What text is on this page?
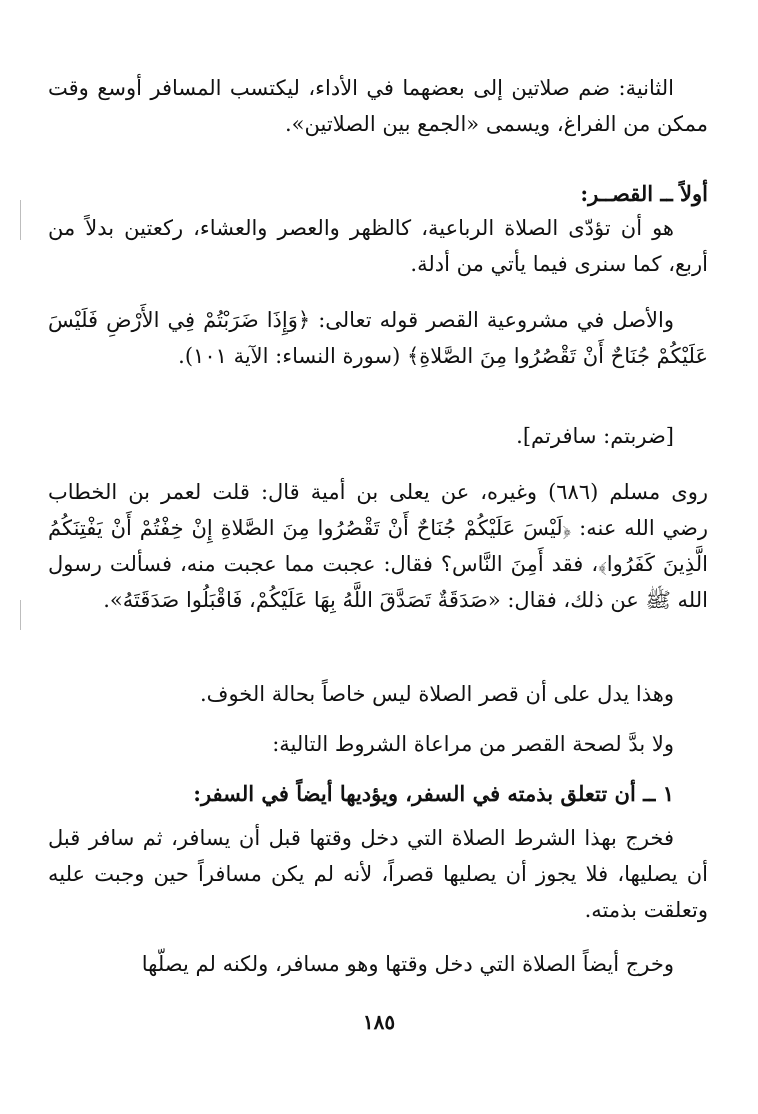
الثانية: ضم صلاتين إلى بعضهما في الأداء، ليكتسب المسافر أوسع وقت ممكن من الفراغ، ويسمى «الجمع بين الصلاتين».

أولاً ــ القصــر:

هو أن تؤدّى الصلاة الرباعية، كالظهر والعصر والعشاء، ركعتين بدلاً من أربع، كما سنرى فيما يأتي من أدلة.

والأصل في مشروعية القصر قوله تعالى: ﴿وَإِذَا ضَرَبْتُمْ فِي الأَرْضِ فَلَيْسَ عَلَيْكُمْ جُنَاحٌ أَنْ تَقْصُرُوا مِنَ الصَّلاةِ﴾ (سورة النساء: الآية ١٠١).

[ضربتم: سافرتم].

روى مسلم (٦٨٦) وغيره، عن يعلى بن أمية قال: قلت لعمر بن الخطاب رضي الله عنه: ﴿لَيْسَ عَلَيْكُمْ جُنَاحٌ أَنْ تَقْصُرُوا مِنَ الصَّلاةِ إِنْ خِفْتُمْ أَنْ يَفْتِنَكُمُ الَّذِينَ كَفَرُوا﴾، فقد أَمِنَ النَّاس؟ فقال: عجبت مما عجبت منه، فسألت رسول الله ﷺ عن ذلك، فقال: «صَدَقَةٌ تَصَدَّقَ اللَّهُ بِهَا عَلَيْكُمْ، فَاقْبَلُوا صَدَقَتَهُ».

وهذا يدل على أن قصر الصلاة ليس خاصاً بحالة الخوف.

ولا بدَّ لصحة القصر من مراعاة الشروط التالية:

١ ــ أن تتعلق بذمته في السفر، ويؤديها أيضاً في السفر:

فخرج بهذا الشرط الصلاة التي دخل وقتها قبل أن يسافر، ثم سافر قبل أن يصليها، فلا يجوز أن يصليها قصراً، لأنه لم يكن مسافراً حين وجبت عليه وتعلقت بذمته.

وخرج أيضاً الصلاة التي دخل وقتها وهو مسافر، ولكنه لم يصلّها

١٨٥
